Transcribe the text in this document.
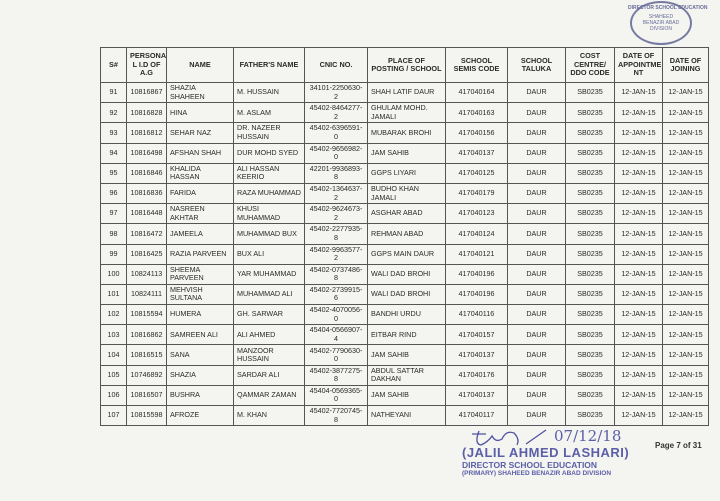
DIRECTOR SCHOOL EDUCATION
SHAHEED
BENAZIR ABAD
DIVISION
S#	PERSONA L I.D OF A.G	NAME	FATHER'S NAME	CNIC NO.	PLACE OF POSTING / SCHOOL	SCHOOL SEMIS CODE	SCHOOL TALUKA	COST CENTRE/ DDO CODE	DATE OF APPOINTME NT	DATE OF JOINING
91	10816867	SHAZIA SHAHEEN	M. HUSSAIN	34101-2250630-2	SHAH LATIF DAUR	417040164	DAUR	SB0235	12-JAN-15	12-JAN-15
92	10816828	HINA	M. ASLAM	45402-8464277-2	GHULAM MOHD. JAMALI	417040163	DAUR	SB0235	12-JAN-15	12-JAN-15
93	10816812	SEHAR NAZ	DR. NAZEER HUSSAIN	45402-6396591-0	MUBARAK BROHI	417040156	DAUR	SB0235	12-JAN-15	12-JAN-15
94	10816498	AFSHAN SHAH	DUR MOHD SYED	45402-9656982-0	JAM SAHIB	417040137	DAUR	SB0235	12-JAN-15	12-JAN-15
95	10816846	KHALIDA HASSAN	ALI HASSAN KEERIO	42201-9936893-8	GGPS LIYARI	417040125	DAUR	SB0235	12-JAN-15	12-JAN-15
96	10816836	FARIDA	RAZA MUHAMMAD	45402-1364637-2	BUDHO KHAN JAMALI	417040179	DAUR	SB0235	12-JAN-15	12-JAN-15
97	10816448	NASREEN AKHTAR	KHUSI MUHAMMAD	45402-9624673-2	ASGHAR ABAD	417040123	DAUR	SB0235	12-JAN-15	12-JAN-15
98	10816472	JAMEELA	MUHAMMAD BUX	45402-2277935-8	REHMAN ABAD	417040124	DAUR	SB0235	12-JAN-15	12-JAN-15
99	10816425	RAZIA PARVEEN	BUX ALI	45402-9963577-2	GGPS MAIN DAUR	417040121	DAUR	SB0235	12-JAN-15	12-JAN-15
100	10824113	SHEEMA PARVEEN	YAR MUHAMMAD	45402-0737486-8	WALI DAD BROHI	417040196	DAUR	SB0235	12-JAN-15	12-JAN-15
101	10824111	MEHVISH SULTANA	MUHAMMAD ALI	45402-2739915-6	WALI DAD BROHI	417040196	DAUR	SB0235	12-JAN-15	12-JAN-15
102	10815594	HUMERA	GH. SARWAR	45402-4070056-0	BANDHI URDU	417040116	DAUR	SB0235	12-JAN-15	12-JAN-15
103	10816862	SAMREEN ALI	ALI AHMED	45404-0566907-4	EITBAR RIND	417040157	DAUR	SB0235	12-JAN-15	12-JAN-15
104	10816515	SANA	MANZOOR HUSSAIN	45402-7790630-0	JAM SAHIB	417040137	DAUR	SB0235	12-JAN-15	12-JAN-15
105	10746892	SHAZIA	SARDAR ALI	45402-3877275-8	ABDUL SATTAR DAKHAN	417040176	DAUR	SB0235	12-JAN-15	12-JAN-15
106	10816507	BUSHRA	QAMMAR ZAMAN	45404-0569365-0	JAM SAHIB	417040137	DAUR	SB0235	12-JAN-15	12-JAN-15
107	10815598	AFROZE	M. KHAN	45402-7720745-8	NATHEYANI	417040117	DAUR	SB0235	12-JAN-15	12-JAN-15
07/12/18
(JALIL AHMED LASHARI)
DIRECTOR SCHOOL EDUCATION
(PRIMARY) SHAHEED BENAZIR ABAD DIVISION
Page 7 of 31
